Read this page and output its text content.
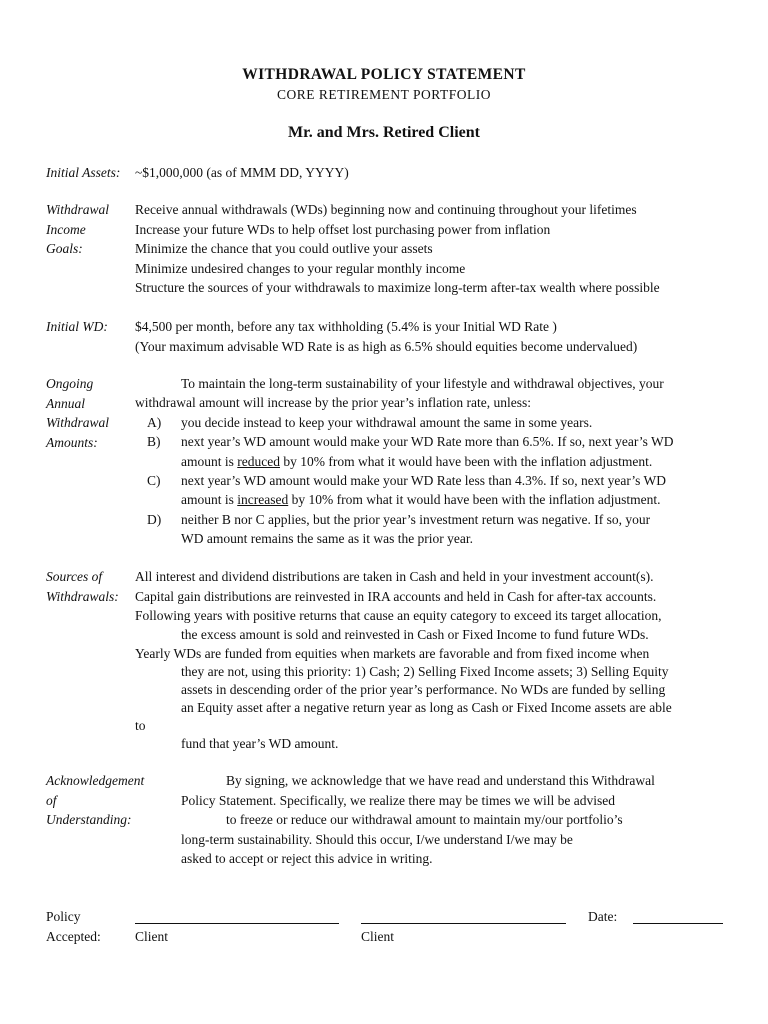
WITHDRAWAL POLICY STATEMENT
CORE RETIREMENT PORTFOLIO
Mr. and Mrs. Retired Client
Initial Assets: ~$1,000,000 (as of MMM DD, YYYY)
Withdrawal
Income
Goals:
Receive annual withdrawals (WDs) beginning now and continuing throughout your lifetimes
Increase your future WDs to help offset lost purchasing power from inflation
Minimize the chance that you could outlive your assets
Minimize undesired changes to your regular monthly income
Structure the sources of your withdrawals to maximize long-term after-tax wealth where possible
Initial WD: $4,500 per month, before any tax withholding (5.4% is your Initial WD Rate )
(Your maximum advisable WD Rate is as high as 6.5% should equities become undervalued)
Ongoing
Annual
Withdrawal
Amounts:
To maintain the long-term sustainability of your lifestyle and withdrawal objectives, your
withdrawal amount will increase by the prior year’s inflation rate, unless:
A) you decide instead to keep your withdrawal amount the same in some years.
B) next year’s WD amount would make your WD Rate more than 6.5%. If so, next year’s WD
amount is reduced by 10% from what it would have been with the inflation adjustment.
C) next year’s WD amount would make your WD Rate less than 4.3%. If so, next year’s WD
amount is increased by 10% from what it would have been with the inflation adjustment.
D) neither B nor C applies, but the prior year’s investment return was negative. If so, your
WD amount remains the same as it was the prior year.
Sources of
Withdrawals:
All interest and dividend distributions are taken in Cash and held in your investment account(s).
Capital gain distributions are reinvested in IRA accounts and held in Cash for after-tax accounts.
Following years with positive returns that cause an equity category to exceed its target allocation,
the excess amount is sold and reinvested in Cash or Fixed Income to fund future WDs.
Yearly WDs are funded from equities when markets are favorable and from fixed income when
they are not, using this priority: 1) Cash; 2) Selling Fixed Income assets; 3) Selling Equity
assets in descending order of the prior year’s performance. No WDs are funded by selling
an Equity asset after a negative return year as long as Cash or Fixed Income assets are able
to
fund that year’s WD amount.
Acknowledgement
of
Understanding:
By signing, we acknowledge that we have read and understand this Withdrawal
Policy Statement. Specifically, we realize there may be times we will be advised
to freeze or reduce our withdrawal amount to maintain my/our portfolio’s
long-term sustainability. Should this occur, I/we understand I/we may be
asked to accept or reject this advice in writing.
Policy
Accepted:	Client	Client
Date:
